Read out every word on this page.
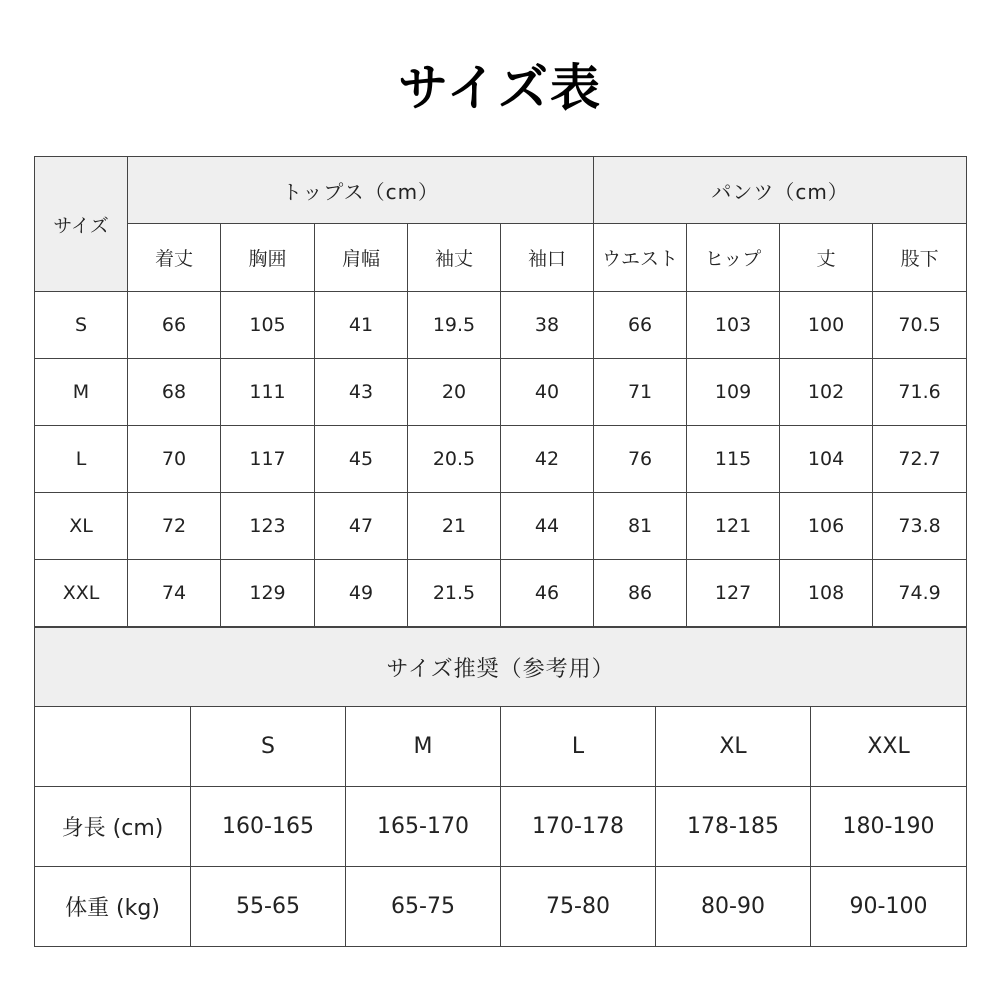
サイズ表
サイズ	トップス（cm）					パンツ（cm）			
	着丈	胸囲	肩幅	袖丈	袖口	ウエスト	ヒップ	丈	股下
S	66	105	41	19.5	38	66	103	100	70.5
M	68	111	43	20	40	71	109	102	71.6
L	70	117	45	20.5	42	76	115	104	72.7
XL	72	123	47	21	44	81	121	106	73.8
XXL	74	129	49	21.5	46	86	127	108	74.9
サイズ推奨（参考用）					
	S	M	L	XL	XXL
身長 (cm)	160-165	165-170	170-178	178-185	180-190
体重 (kg)	55-65	65-75	75-80	80-90	90-100
